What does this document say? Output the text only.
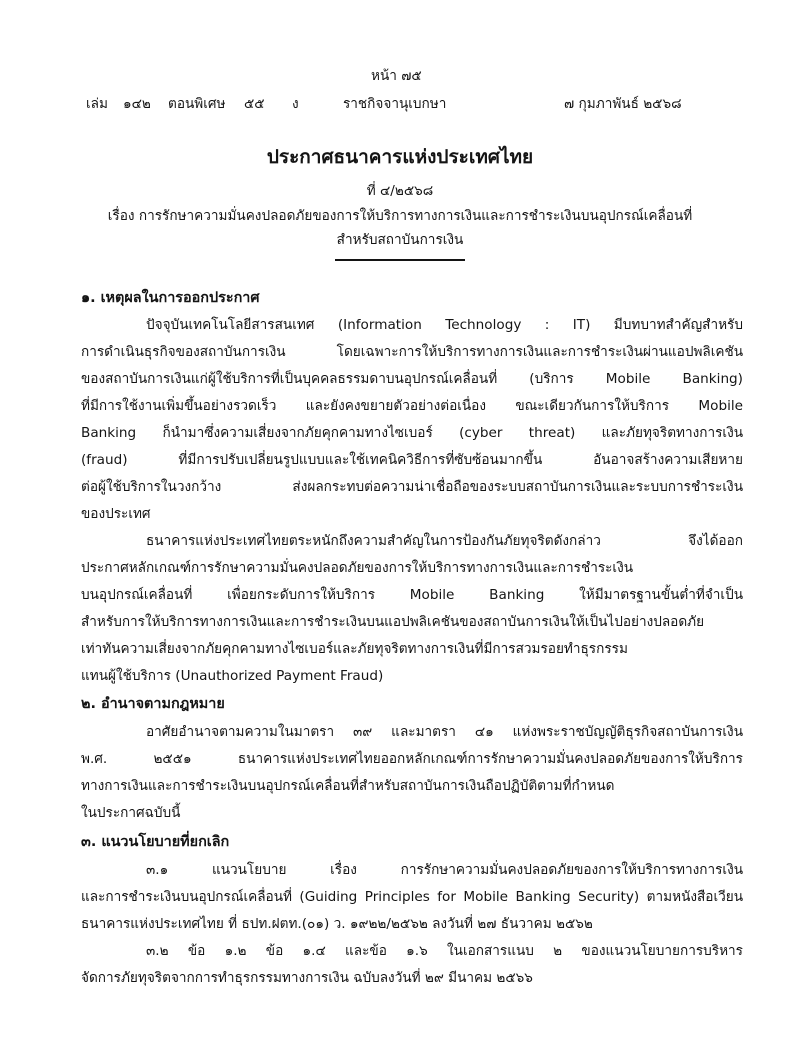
หน้า ๗๕
เล่ม ๑๔๒ ตอนพิเศษ ๕๕ ง	ราชกิจจานุเบกษา	๗ กุมภาพันธ์ ๒๕๖๘
ประกาศธนาคารแห่งประเทศไทย
ที่ ๔/๒๕๖๘
เรื่อง การรักษาความมั่นคงปลอดภัยของการให้บริการทางการเงินและการชำระเงินบนอุปกรณ์เคลื่อนที่
สำหรับสถาบันการเงิน
๑. เหตุผลในการออกประกาศ
ปัจจุบันเทคโนโลยีสารสนเทศ (Information Technology : IT) มีบทบาทสำคัญสำหรับ
การดำเนินธุรกิจของสถาบันการเงิน โดยเฉพาะการให้บริการทางการเงินและการชำระเงินผ่านแอปพลิเคชัน
ของสถาบันการเงินแก่ผู้ใช้บริการที่เป็นบุคคลธรรมดาบนอุปกรณ์เคลื่อนที่ (บริการ Mobile Banking)
ที่มีการใช้งานเพิ่มขึ้นอย่างรวดเร็ว และยังคงขยายตัวอย่างต่อเนื่อง ขณะเดียวกันการให้บริการ Mobile
Banking ก็นำมาซึ่งความเสี่ยงจากภัยคุกคามทางไซเบอร์ (cyber threat) และภัยทุจริตทางการเงิน
(fraud) ที่มีการปรับเปลี่ยนรูปแบบและใช้เทคนิควิธีการที่ซับซ้อนมากขึ้น อันอาจสร้างความเสียหาย
ต่อผู้ใช้บริการในวงกว้าง ส่งผลกระทบต่อความน่าเชื่อถือของระบบสถาบันการเงินและระบบการชำระเงิน
ของประเทศ
ธนาคารแห่งประเทศไทยตระหนักถึงความสำคัญในการป้องกันภัยทุจริตดังกล่าว จึงได้ออก
ประกาศหลักเกณฑ์การรักษาความมั่นคงปลอดภัยของการให้บริการทางการเงินและการชำระเงิน
บนอุปกรณ์เคลื่อนที่ เพื่อยกระดับการให้บริการ Mobile Banking ให้มีมาตรฐานขั้นต่ำที่จำเป็น
สำหรับการให้บริการทางการเงินและการชำระเงินบนแอปพลิเคชันของสถาบันการเงินให้เป็นไปอย่างปลอดภัย
เท่าทันความเสี่ยงจากภัยคุกคามทางไซเบอร์และภัยทุจริตทางการเงินที่มีการสวมรอยทำธุรกรรม
แทนผู้ใช้บริการ (Unauthorized Payment Fraud)
๒. อำนาจตามกฎหมาย
อาศัยอำนาจตามความในมาตรา ๓๙ และมาตรา ๔๑ แห่งพระราชบัญญัติธุรกิจสถาบันการเงิน
พ.ศ. ๒๕๕๑ ธนาคารแห่งประเทศไทยออกหลักเกณฑ์การรักษาความมั่นคงปลอดภัยของการให้บริการ
ทางการเงินและการชำระเงินบนอุปกรณ์เคลื่อนที่สำหรับสถาบันการเงินถือปฏิบัติตามที่กำหนด
ในประกาศฉบับนี้
๓. แนวนโยบายที่ยกเลิก
๓.๑ แนวนโยบาย เรื่อง การรักษาความมั่นคงปลอดภัยของการให้บริการทางการเงิน
และการชำระเงินบนอุปกรณ์เคลื่อนที่ (Guiding Principles for Mobile Banking Security) ตามหนังสือเวียน
ธนาคารแห่งประเทศไทย ที่ ธปท.ฝตท.(๐๑) ว. ๑๙๒๒/๒๕๖๒ ลงวันที่ ๒๗ ธันวาคม ๒๕๖๒
๓.๒ ข้อ ๑.๒ ข้อ ๑.๔ และข้อ ๑.๖ ในเอกสารแนบ ๒ ของแนวนโยบายการบริหาร
จัดการภัยทุจริตจากการทำธุรกรรมทางการเงิน ฉบับลงวันที่ ๒๙ มีนาคม ๒๕๖๖
